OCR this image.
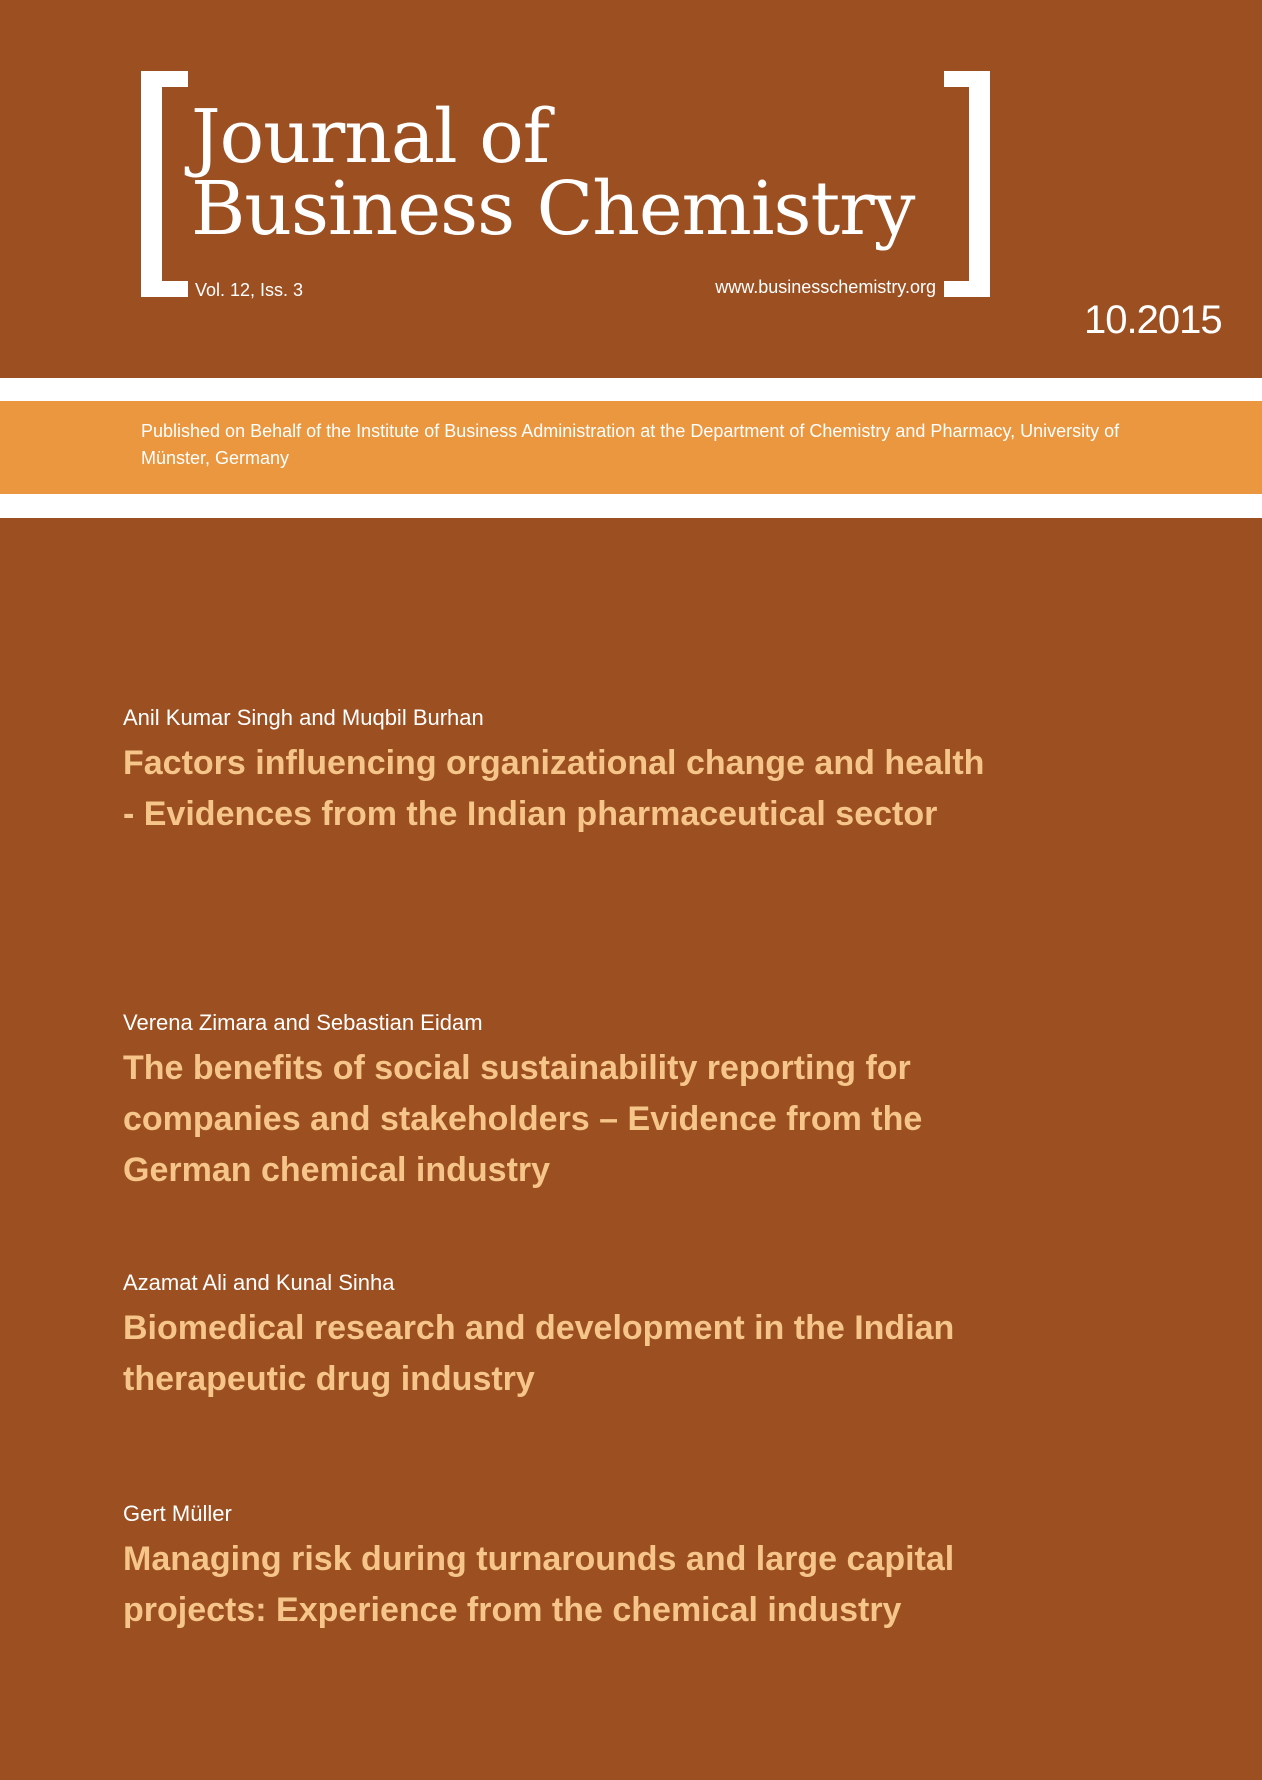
Journal of
Business Chemistry
Vol. 12, Iss. 3	www.businesschemistry.org
10.2015
Published on Behalf of the Institute of Business Administration at the Department of Chemistry and Pharmacy, University of Münster, Germany
Anil Kumar Singh and Muqbil Burhan
Factors influencing organizational change and health - Evidences from the Indian pharmaceutical sector
Verena Zimara and Sebastian Eidam
The benefits of social sustainability reporting for companies and stakeholders – Evidence from the German chemical industry
Azamat Ali and Kunal Sinha
Biomedical research and development in the Indian therapeutic drug industry
Gert Müller
Managing risk during turnarounds and large capital projects: Experience from the chemical industry
